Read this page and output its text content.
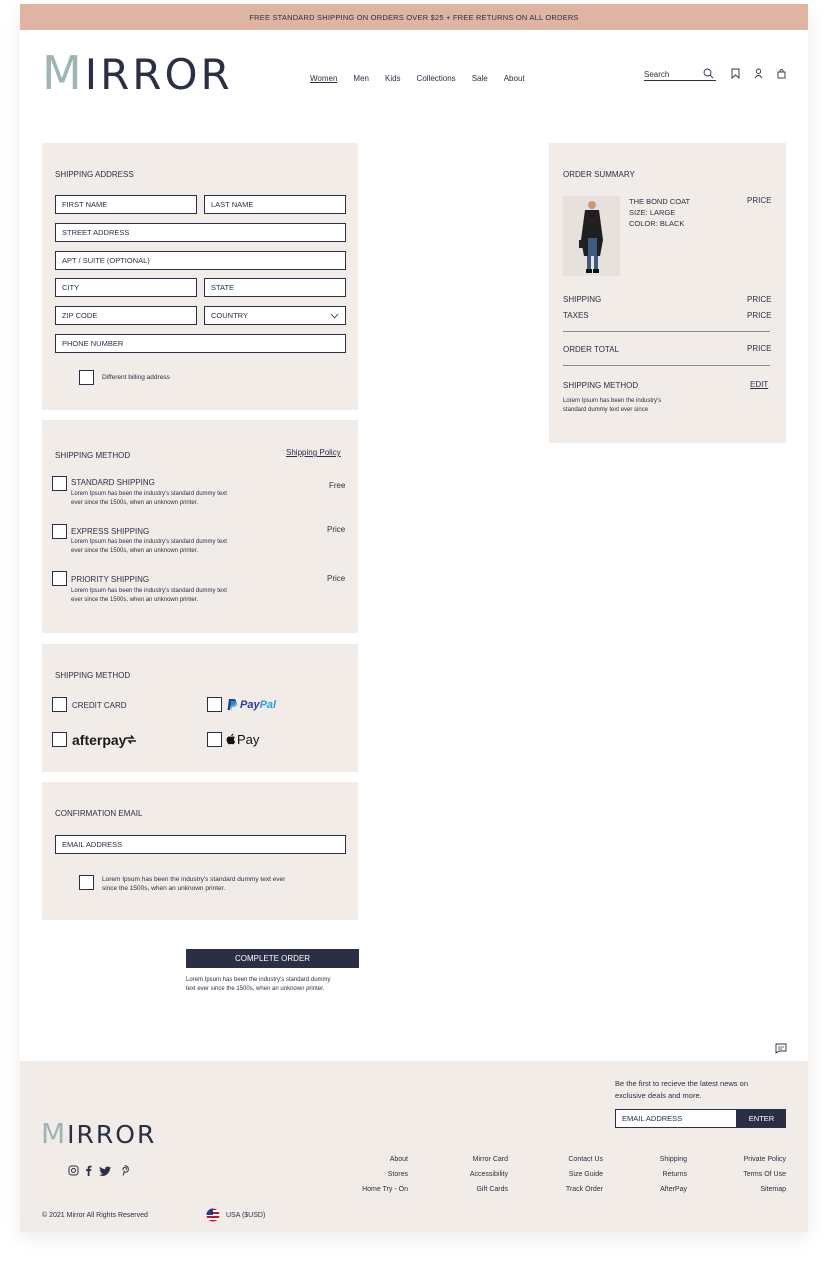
FREE STANDARD SHIPPING ON ORDERS OVER $25 + FREE RETURNS ON ALL ORDERS
MIRROR	Women Men Kids Collections Sale About	Search
SHIPPING ADDRESS
FIRST NAME	LAST NAME
STREET ADDRESS
APT / SUITE (OPTIONAL)
CITY	STATE
ZIP CODE	COUNTRY
PHONE NUMBER
Different billing address
SHIPPING METHOD	Shipping Policy
STANDARD SHIPPING
Lorem Ipsum has been the industry's standard dummy text
ever since the 1500s, when an unknown printer.
Free
EXPRESS SHIPPING
Lorem Ipsum has been the industry's standard dummy text
ever since the 1500s, when an unknown printer.
Price
PRIORITY SHIPPING
Lorem Ipsum has been the industry's standard dummy text
ever since the 1500s, when an unknown printer.
Price
SHIPPING METHOD
CREDIT CARD	PayPal
afterpay	Pay
CONFIRMATION EMAIL
EMAIL ADDRESS
Lorem Ipsum has been the industry's standard dummy text ever
since the 1500s, when an unknown printer.
COMPLETE ORDER
Lorem Ipsum has been the industry's standard dummy
text ever since the 1500s, when an unknown printer.
ORDER SUMMARY
THE BOND COAT
SIZE: LARGE
COLOR: BLACK
PRICE
SHIPPING	PRICE
TAXES	PRICE
ORDER TOTAL	PRICE
SHIPPING METHOD	EDIT
Lorem Ipsum has been the industry's
standard dummy text ever since
Be the first to recieve the latest news on
exclusive deals and more.
EMAIL ADDRESS	ENTER
MIRROR
About
Stores
Home Try - On
Mirror Card
Accessibility
Gift Cards
Contact Us
Size Guide
Track Order
Shipping
Returns
AfterPay
Private Policy
Terms Of Use
Sitemap
© 2021 Mirror All Rights Reserved	USA ($USD)
